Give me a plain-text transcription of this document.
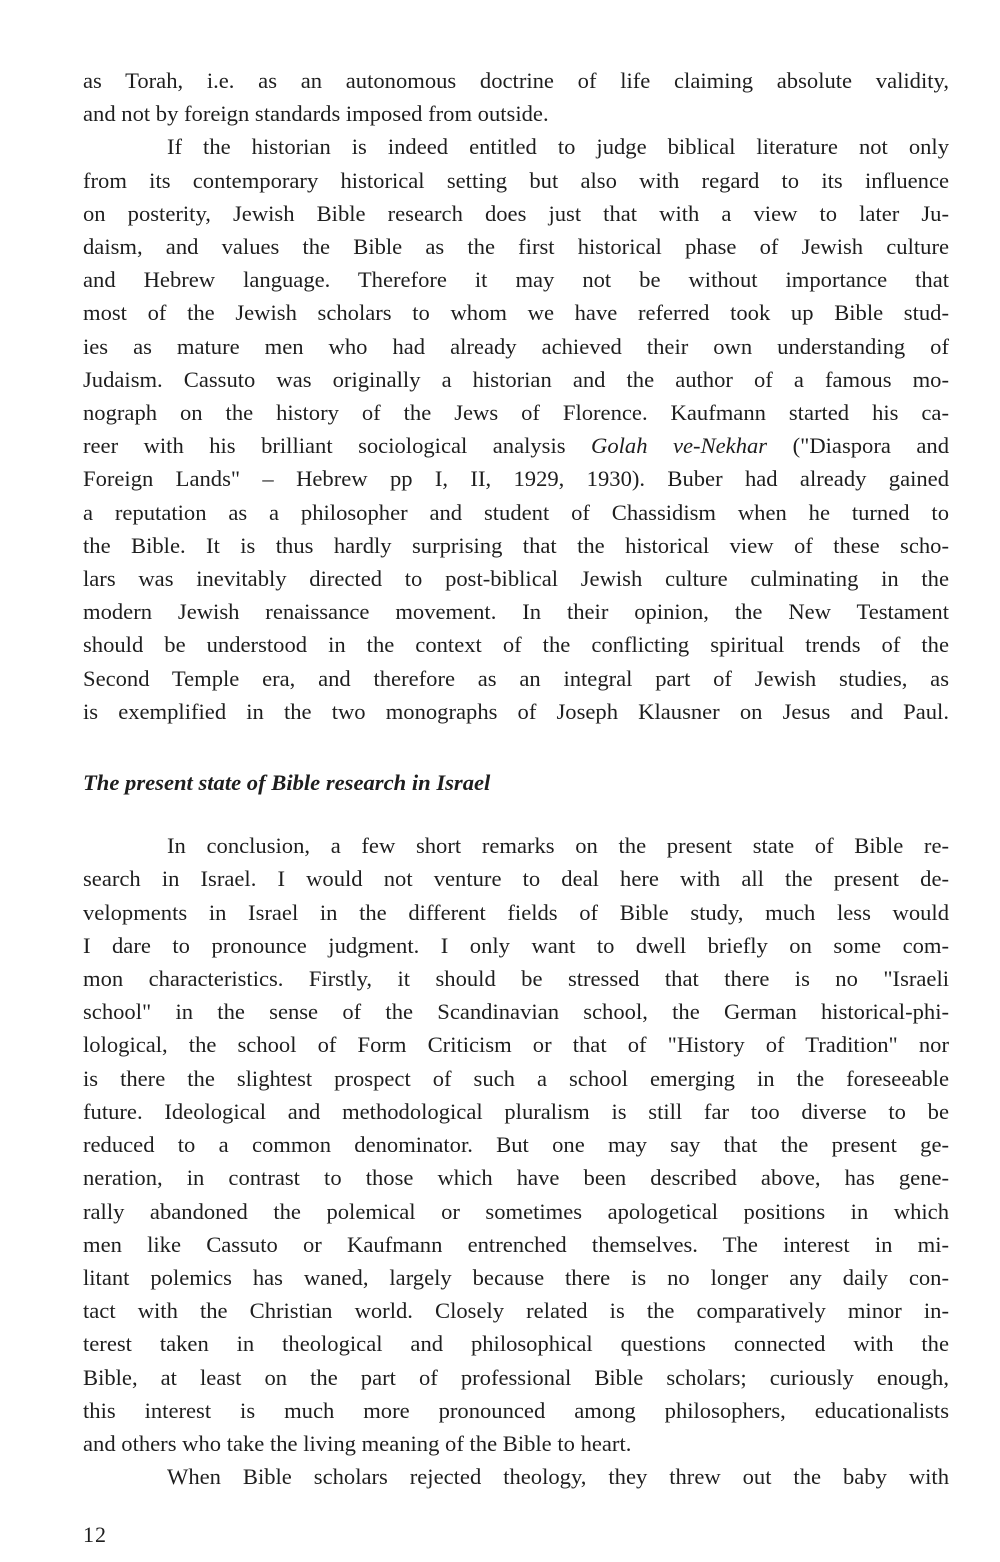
as Torah, i.e. as an autonomous doctrine of life claiming absolute validity,
and not by foreign standards imposed from outside.

If the historian is indeed entitled to judge biblical literature not only
from its contemporary historical setting but also with regard to its influence
on posterity, Jewish Bible research does just that with a view to later Ju-
daism, and values the Bible as the first historical phase of Jewish culture
and Hebrew language. Therefore it may not be without importance that
most of the Jewish scholars to whom we have referred took up Bible stud-
ies as mature men who had already achieved their own understanding of
Judaism. Cassuto was originally a historian and the author of a famous mo-
nograph on the history of the Jews of Florence. Kaufmann started his ca-
reer with his brilliant sociological analysis Golah ve-Nekhar ("Diaspora and
Foreign Lands" – Hebrew pp I, II, 1929, 1930). Buber had already gained
a reputation as a philosopher and student of Chassidism when he turned to
the Bible. It is thus hardly surprising that the historical view of these scho-
lars was inevitably directed to post-biblical Jewish culture culminating in the
modern Jewish renaissance movement. In their opinion, the New Testament
should be understood in the context of the conflicting spiritual trends of the
Second Temple era, and therefore as an integral part of Jewish studies, as
is exemplified in the two monographs of Joseph Klausner on Jesus and Paul.

The present state of Bible research in Israel

In conclusion, a few short remarks on the present state of Bible re-
search in Israel. I would not venture to deal here with all the present de-
velopments in Israel in the different fields of Bible study, much less would
I dare to pronounce judgment. I only want to dwell briefly on some com-
mon characteristics. Firstly, it should be stressed that there is no "Israeli
school" in the sense of the Scandinavian school, the German historical-phi-
lological, the school of Form Criticism or that of "History of Tradition" nor
is there the slightest prospect of such a school emerging in the foreseeable
future. Ideological and methodological pluralism is still far too diverse to be
reduced to a common denominator. But one may say that the present ge-
neration, in contrast to those which have been described above, has gene-
rally abandoned the polemical or sometimes apologetical positions in which
men like Cassuto or Kaufmann entrenched themselves. The interest in mi-
litant polemics has waned, largely because there is no longer any daily con-
tact with the Christian world. Closely related is the comparatively minor in-
terest taken in theological and philosophical questions connected with the
Bible, at least on the part of professional Bible scholars; curiously enough,
this interest is much more pronounced among philosophers, educationalists
and others who take the living meaning of the Bible to heart.

When Bible scholars rejected theology, they threw out the baby with

12
